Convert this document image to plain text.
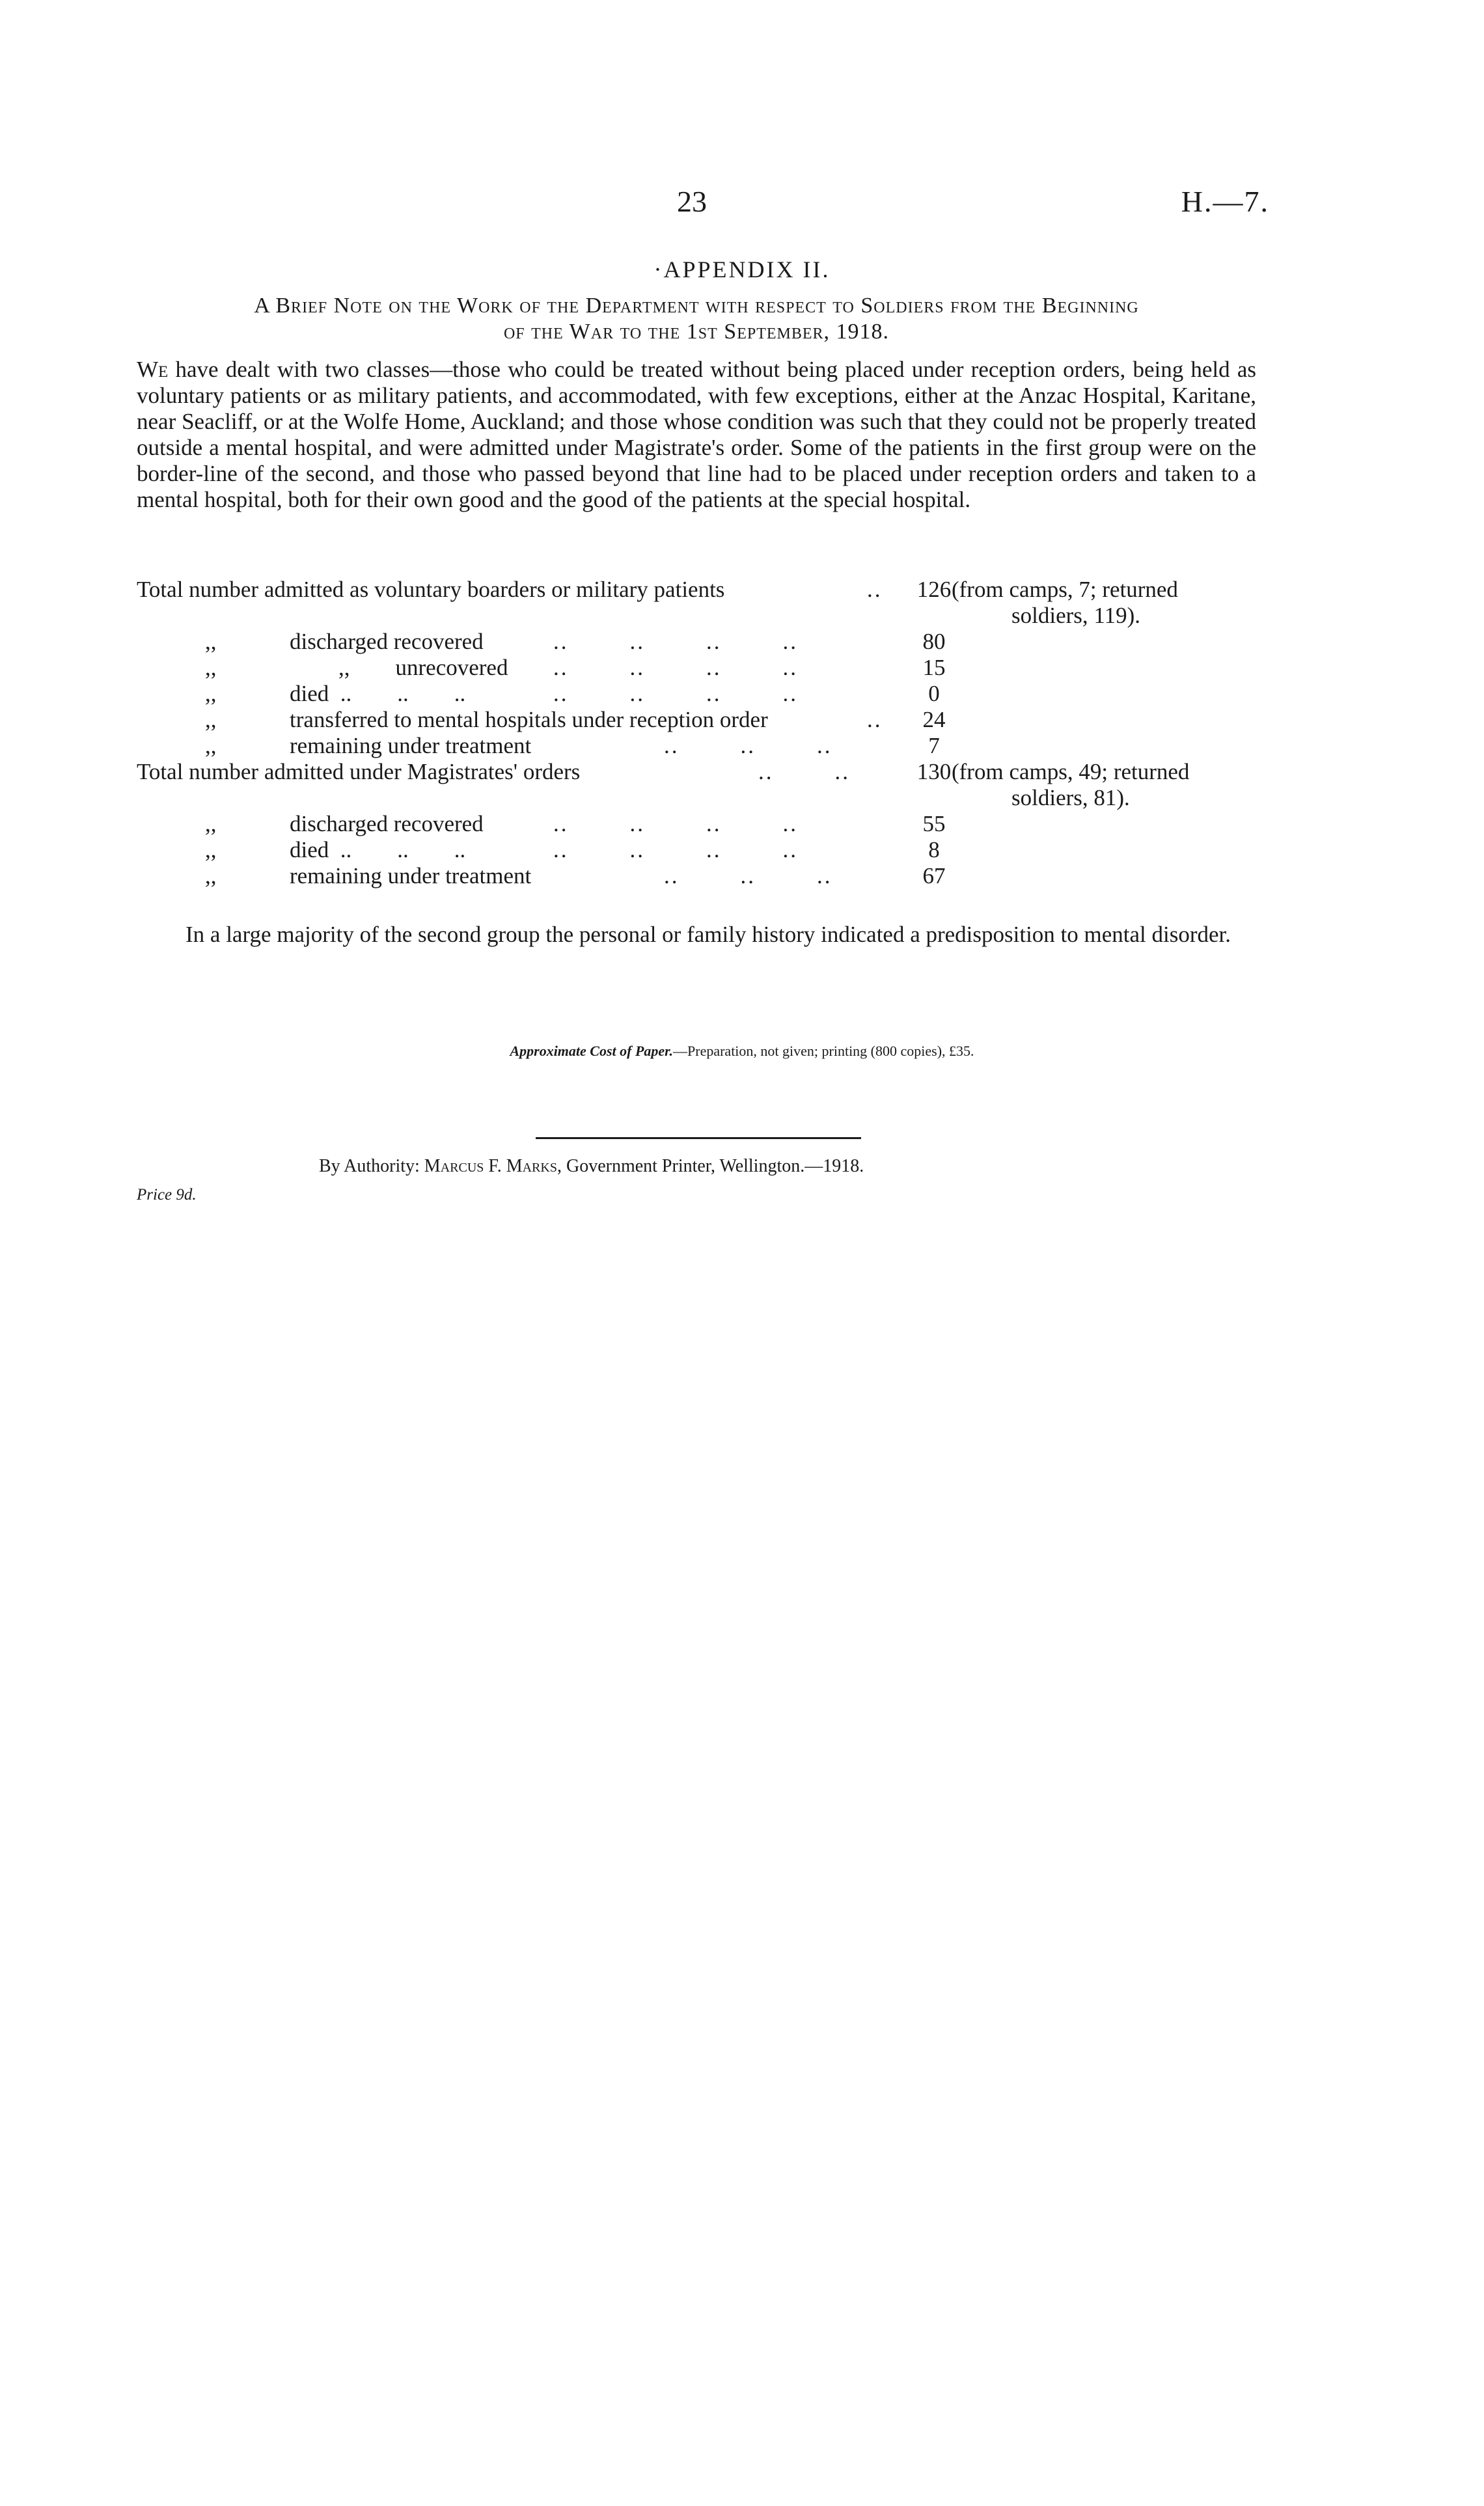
23	H.—7.
·APPENDIX II.
A Brief Note on the Work of the Department with respect to Soldiers from the Beginning
of the War to the 1st September, 1918.
We have dealt with two classes—those who could be treated without being placed under reception orders, being held as voluntary patients or as military patients, and accommodated, with few exceptions, either at the Anzac Hospital, Karitane, near Seacliff, or at the Wolfe Home, Auckland; and those whose condition was such that they could not be properly treated outside a mental hospital, and were admitted under Magistrate's order. Some of the patients in the first group were on the border-line of the second, and those who passed beyond that line had to be placed under reception orders and taken to a mental hospital, both for their own good and the good of the patients at the special hospital.
Total number admitted as voluntary boarders or military patients	..	126 (from camps, 7; returned
soldiers, 119).
,,	discharged recovered	..        ..        ..        ..	80
,,	,,        unrecovered ..        ..        ..        ..	15
,,	died  ..        ..        ..	..        ..        ..        ..	0
,,	transferred to mental hospitals under reception order	..	24
,,	remaining under treatment	..        ..        ..	7
Total number admitted under Magistrates' orders	..        ..	130 (from camps, 49; returned
soldiers, 81).
,,	discharged recovered	..        ..        ..        ..	55
,,	died  ..        ..        ..	..        ..        ..        ..	8
,,	remaining under treatment	..        ..        ..	67
In a large majority of the second group the personal or family history indicated a predisposition to mental disorder.
Approximate Cost of Paper.—Preparation, not given; printing (800 copies), £35.
By Authority: Marcus F. Marks, Government Printer, Wellington.—1918.
Price 9d.
